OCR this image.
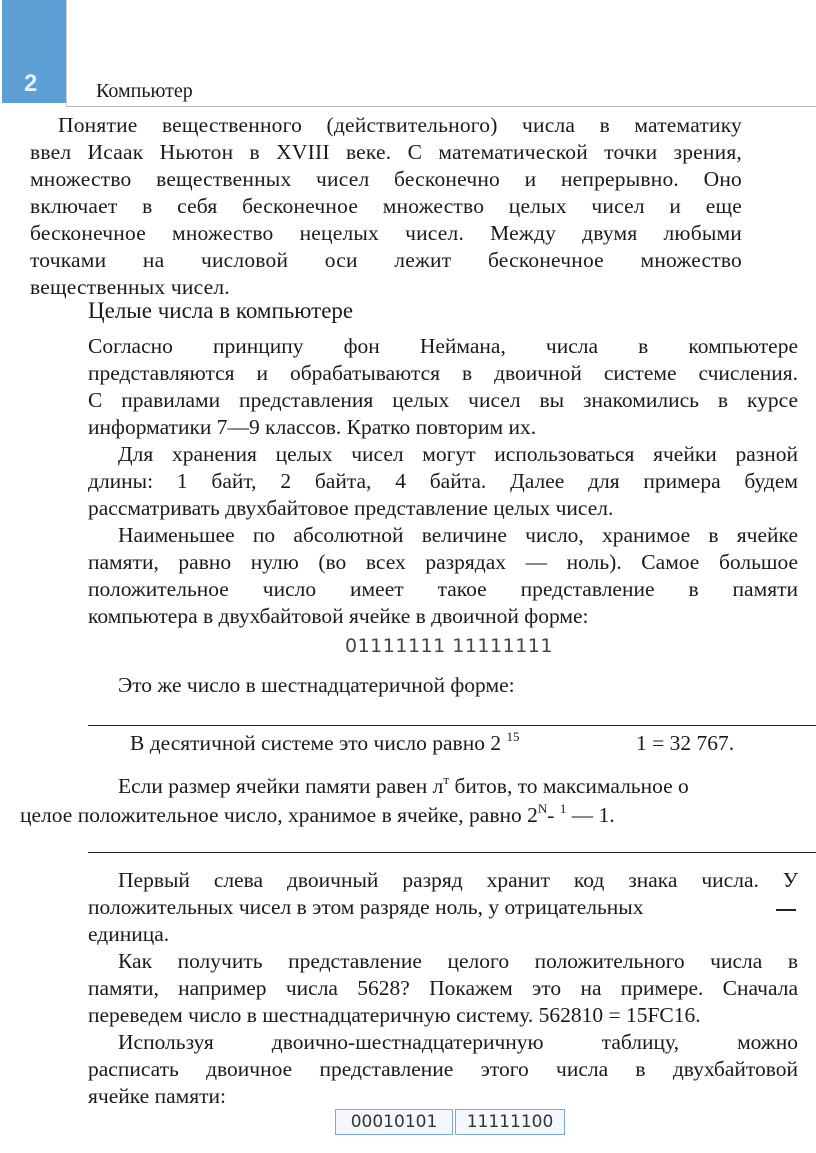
2	Компьютер
Понятие вещественного (действительного) числа в математику
ввел Исаак Ньютон в XVIII веке. С математической точки зрения,
множество вещественных чисел бесконечно и непрерывно. Оно
включает в себя бесконечное множество целых чисел и еще
бесконечное множество нецелых чисел. Между двумя любыми
точками на числовой оси лежит бесконечное множество
вещественных чисел.
Целые числа в компьютере
Согласно принципу фон Неймана, числа в компьютере
представляются и обрабатываются в двоичной системе счисления.
С правилами представления целых чисел вы знакомились в курсе
информатики 7—9 классов. Кратко повторим их.
Для хранения целых чисел могут использоваться ячейки разной
длины: 1 байт, 2 байта, 4 байта. Далее для примера будем
рассматривать двухбайтовое представление целых чисел.
Наименьшее по абсолютной величине число, хранимое в ячейке
памяти, равно нулю (во всех разрядах — ноль). Самое большое
положительное число имеет такое представление в памяти
компьютера в двухбайтовой ячейке в двоичной форме:
01111111 11111111
Это же число в шестнадцатеричной форме:
В десятичной системе это число равно 2 $^{15}$	1 = 32 767.
Если размер ячейки памяти равен $л^т$ битов, то максимальное о
целое положительное число, хранимое в ячейке, равно $2^N-$ $^1$ — 1.
Первый слева двоичный разряд хранит код знака числа. У
положительных чисел в этом разряде ноль, у отрицательных
единица.
Как получить представление целого положительного числа в
памяти, например числа 5628? Покажем это на примере. Сначала
переведем число в шестнадцатеричную систему. 562810 = 15FC16.
Используя двоично-шестнадцатеричную таблицу, можно
расписать двоичное представление этого числа в двухбайтовой
ячейке памяти:
00010101	11111100
